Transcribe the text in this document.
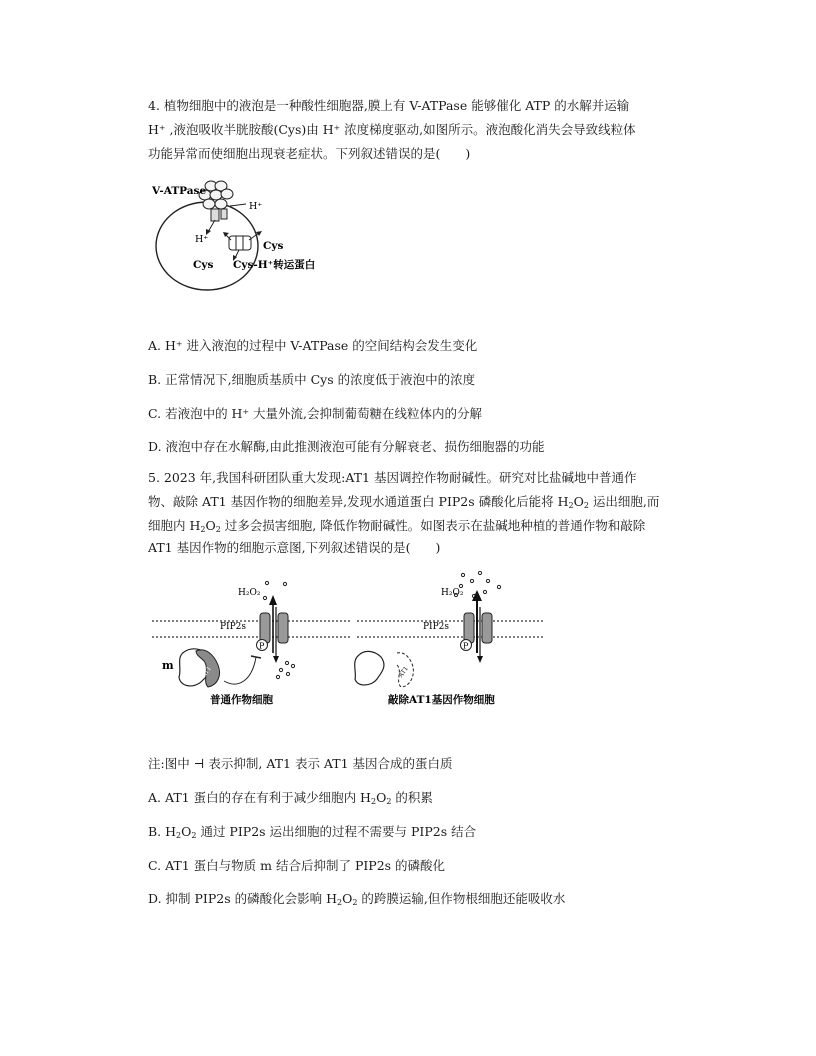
4. 植物细胞中的液泡是一种酸性细胞器,膜上有 V-ATPase 能够催化 ATP 的水解并运输
H⁺ ,液泡吸收半胱胺酸(Cys)由 H⁺ 浓度梯度驱动,如图所示。液泡酸化消失会导致线粒体
功能异常而使细胞出现衰老症状。下列叙述错误的是(　　)
V-ATPase
H⁺
H⁺
Cys
Cys Cys-H⁺转运蛋白
A. H⁺ 进入液泡的过程中 V-ATPase 的空间结构会发生变化
B. 正常情况下,细胞质基质中 Cys 的浓度低于液泡中的浓度
C. 若液泡中的 H⁺ 大量外流,会抑制葡萄糖在线粒体内的分解
D. 液泡中存在水解酶,由此推测液泡可能有分解衰老、损伤细胞器的功能
5. 2023 年,我国科研团队重大发现:AT1 基因调控作物耐碱性。研究对比盐碱地中普通作
物、敲除 AT1 基因作物的细胞差异,发现水通道蛋白 PIP2s 磷酸化后能将 $H_2O_2$ 运出细胞,而
细胞内 $H_2O_2$ 过多会损害细胞, 降低作物耐碱性。如图表示在盐碱地种植的普通作物和敲除
AT1 基因作物的细胞示意图,下列叙述错误的是(　　)
H₂O₂
PIP2s
P
m	AT1
普通作物细胞
H₂O₂
PIP2s
P
AT1
敲除AT1基因作物细胞
注:图中 ⊣ 表示抑制, AT1 表示 AT1 基因合成的蛋白质
A. AT1 蛋白的存在有利于减少细胞内 $H_2O_2$ 的积累
B. $H_2O_2$ 通过 PIP2s 运出细胞的过程不需要与 PIP2s 结合
C. AT1 蛋白与物质 m 结合后抑制了 PIP2s 的磷酸化
D. 抑制 PIP2s 的磷酸化会影响 $H_2O_2$ 的跨膜运输,但作物根细胞还能吸收水
